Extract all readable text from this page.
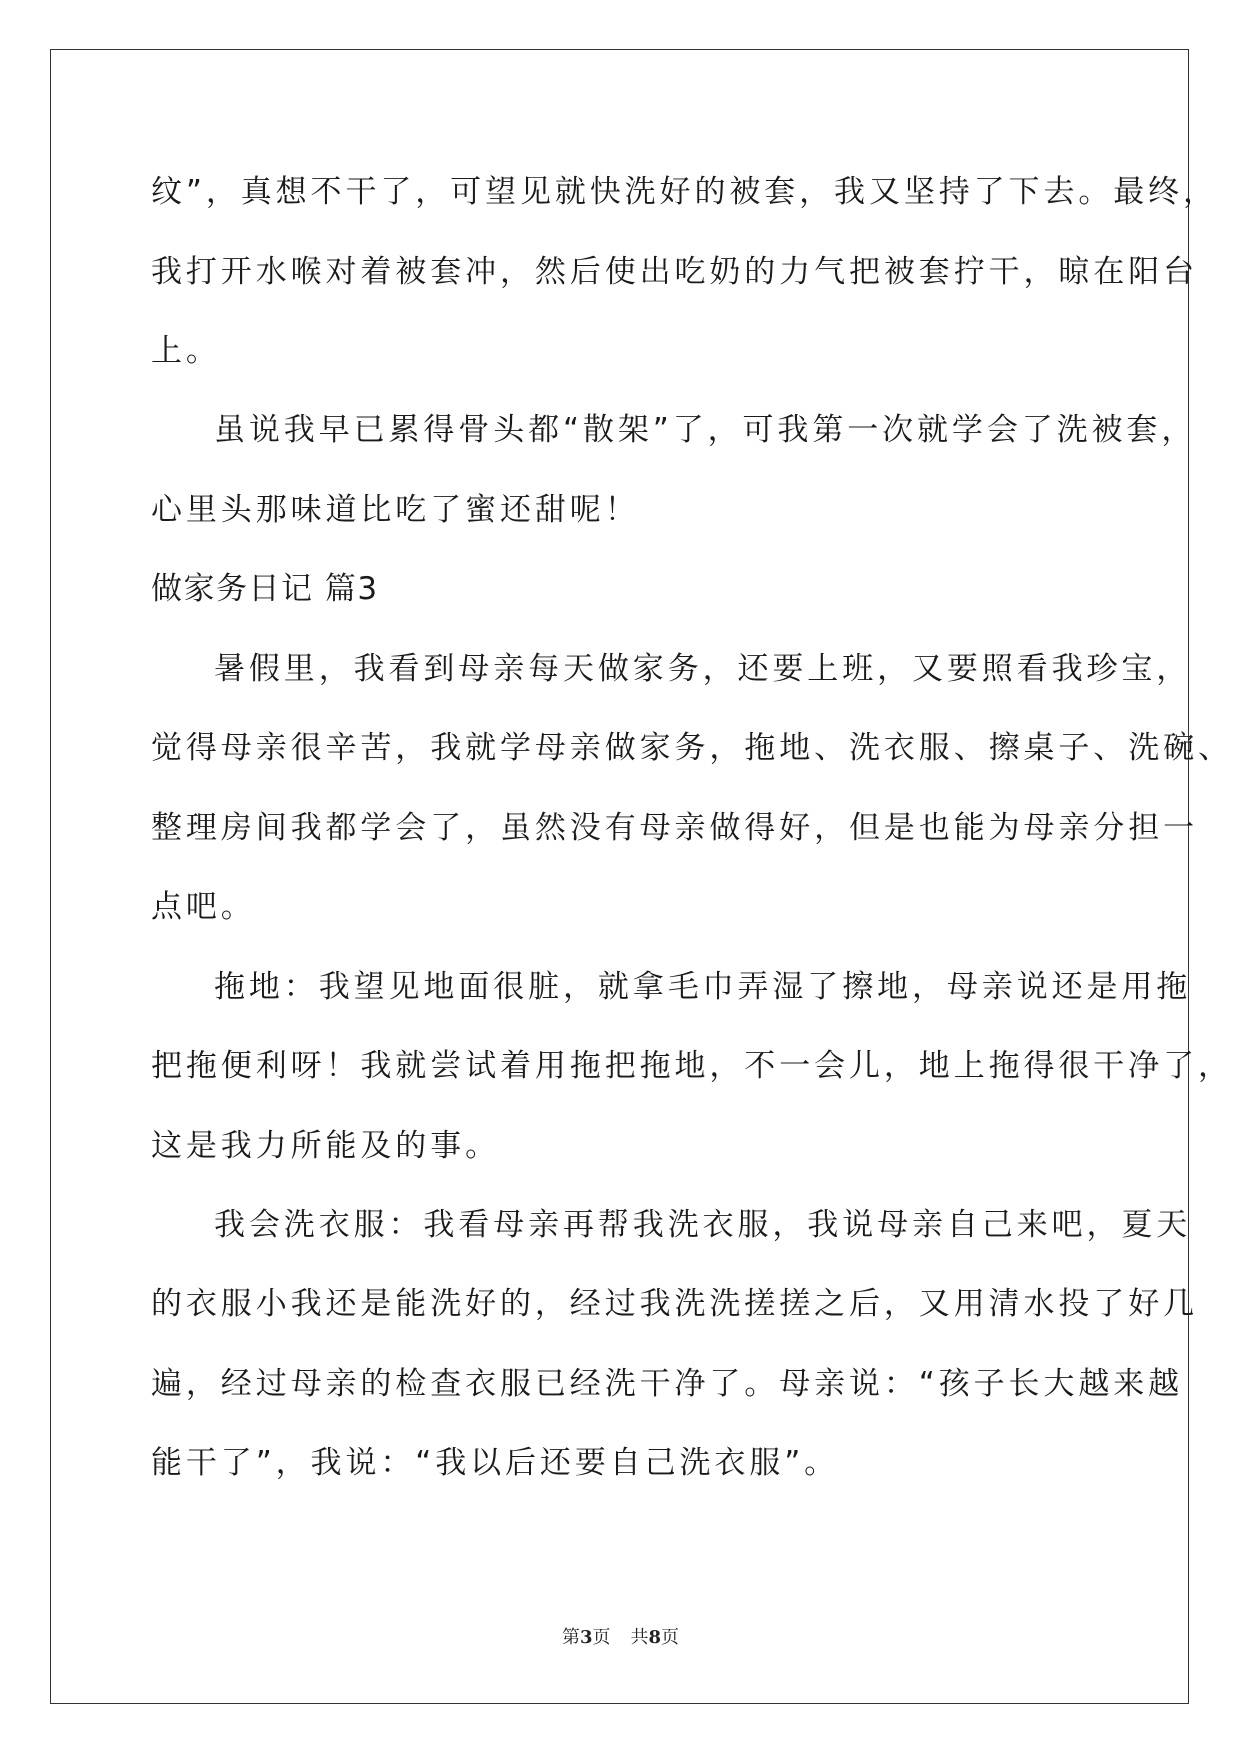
纹”，真想不干了，可望见就快洗好的被套，我又坚持了下去。最终，
我打开水喉对着被套冲，然后使出吃奶的力气把被套拧干，晾在阳台
上。
虽说我早已累得骨头都“散架”了，可我第一次就学会了洗被套，
心里头那味道比吃了蜜还甜呢！
做家务日记 篇3
暑假里，我看到母亲每天做家务，还要上班，又要照看我珍宝，
觉得母亲很辛苦，我就学母亲做家务，拖地、洗衣服、擦桌子、洗碗、
整理房间我都学会了，虽然没有母亲做得好，但是也能为母亲分担一
点吧。
拖地：我望见地面很脏，就拿毛巾弄湿了擦地，母亲说还是用拖
把拖便利呀！我就尝试着用拖把拖地，不一会儿，地上拖得很干净了，
这是我力所能及的事。
我会洗衣服：我看母亲再帮我洗衣服，我说母亲自己来吧，夏天
的衣服小我还是能洗好的，经过我洗洗搓搓之后，又用清水投了好几
遍，经过母亲的检查衣服已经洗干净了。母亲说：“孩子长大越来越
能干了”，我说：“我以后还要自己洗衣服”。
第3页 共8页
